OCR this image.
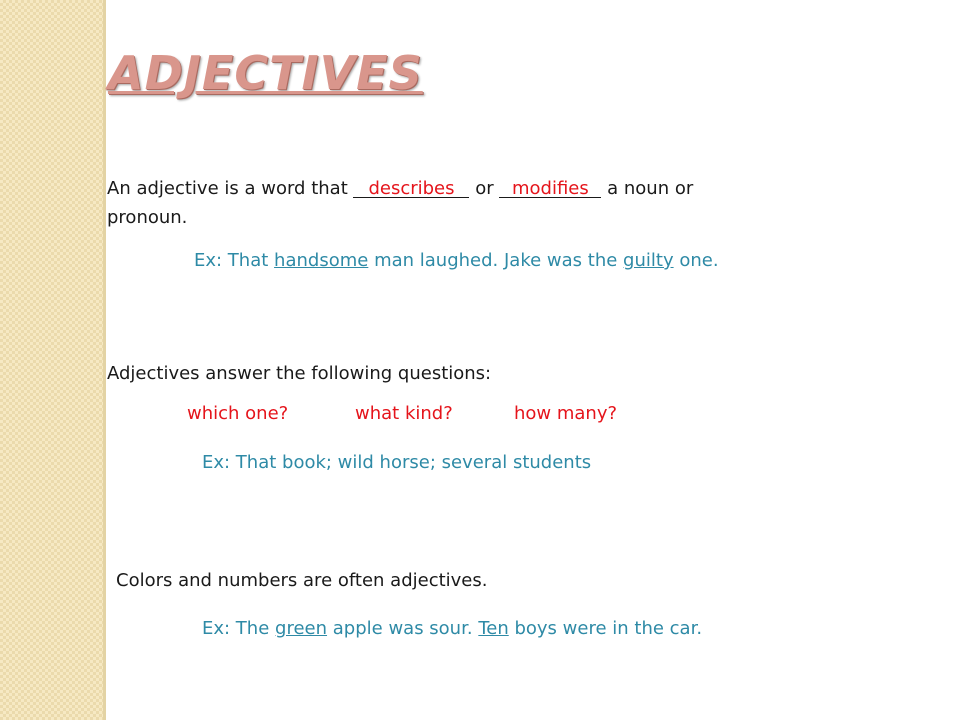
ADJECTIVES

An adjective is a word that describes or modifies a noun or

pronoun.

Ex: That handsome man laughed. Jake was the guilty one.

Adjectives answer the following questions:

which one?	what kind?	how many?

Ex: That book; wild horse; several students

Colors and numbers are often adjectives.

Ex: The green apple was sour. Ten boys were in the car.
